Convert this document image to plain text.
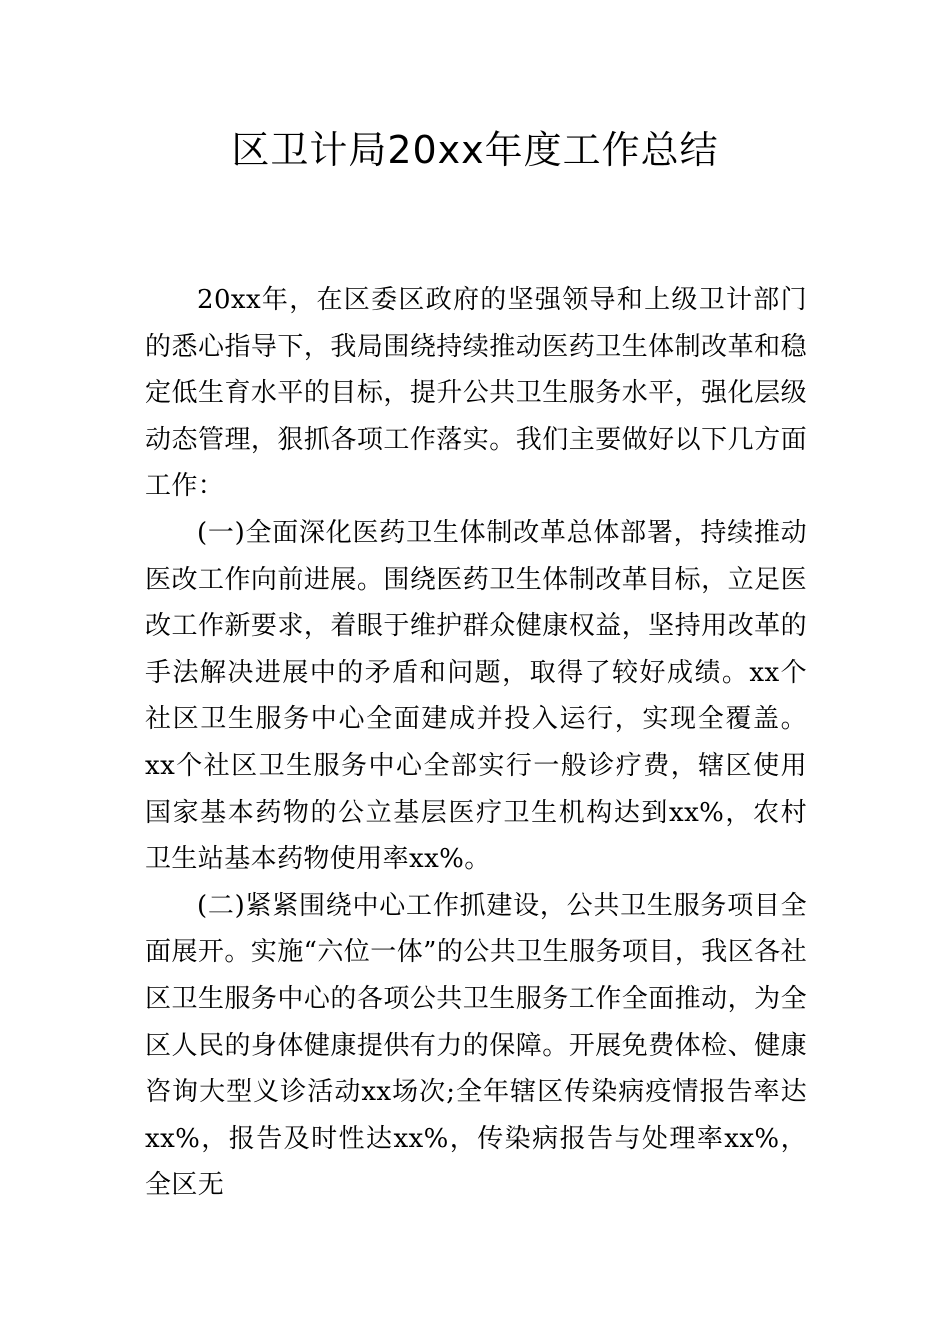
区卫计局20xx年度工作总结

20xx年，在区委区政府的坚强领导和上级卫计部门的悉心指导下，我局围绕持续推动医药卫生体制改革和稳定低生育水平的目标，提升公共卫生服务水平，强化层级动态管理，狠抓各项工作落实。我们主要做好以下几方面工作：

(一)全面深化医药卫生体制改革总体部署，持续推动医改工作向前进展。围绕医药卫生体制改革目标，立足医改工作新要求，着眼于维护群众健康权益，坚持用改革的手法解决进展中的矛盾和问题，取得了较好成绩。xx个社区卫生服务中心全面建成并投入运行，实现全覆盖。xx个社区卫生服务中心全部实行一般诊疗费，辖区使用国家基本药物的公立基层医疗卫生机构达到xx%，农村卫生站基本药物使用率xx%。

(二)紧紧围绕中心工作抓建设，公共卫生服务项目全面展开。实施“六位一体”的公共卫生服务项目，我区各社区卫生服务中心的各项公共卫生服务工作全面推动，为全区人民的身体健康提供有力的保障。开展免费体检、健康咨询大型义诊活动xx场次;全年辖区传染病疫情报告率达xx%，报告及时性达xx%，传染病报告与处理率xx%，全区无
